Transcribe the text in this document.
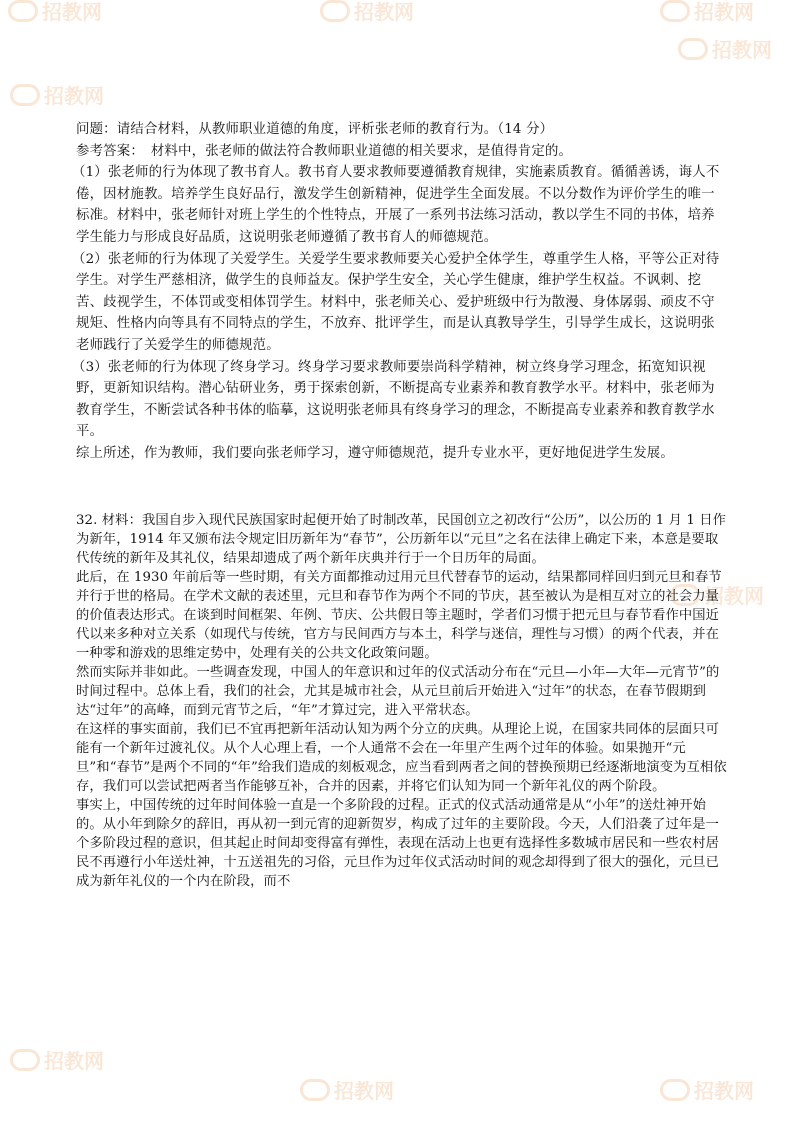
招教网	招教网	招教网
招教网
招教网
招教网
招教网
招教网	招教网

问题：请结合材料，从教师职业道德的角度，评析张老师的教育行为。（14 分）

参考答案：　材料中，张老师的做法符合教师职业道德的相关要求，是值得肯定的。

（1）张老师的行为体现了教书育人。教书育人要求教师要遵循教育规律，实施素质教育。循循善诱，诲人不倦，因材施教。培养学生良好品行，激发学生创新精神，促进学生全面发展。不以分数作为评价学生的唯一标准。材料中，张老师针对班上学生的个性特点，开展了一系列书法练习活动，教以学生不同的书体，培养学生能力与形成良好品质，这说明张老师遵循了教书育人的师德规范。

（2）张老师的行为体现了关爱学生。关爱学生要求教师要关心爱护全体学生，尊重学生人格，平等公正对待学生。对学生严慈相济，做学生的良师益友。保护学生安全，关心学生健康，维护学生权益。不讽刺、挖苦、歧视学生，不体罚或变相体罚学生。材料中，张老师关心、爱护班级中行为散漫、身体孱弱、顽皮不守规矩、性格内向等具有不同特点的学生，不放弃、批评学生，而是认真教导学生，引导学生成长，这说明张老师践行了关爱学生的师德规范。

（3）张老师的行为体现了终身学习。终身学习要求教师要崇尚科学精神，树立终身学习理念，拓宽知识视野，更新知识结构。潜心钻研业务，勇于探索创新，不断提高专业素养和教育教学水平。材料中，张老师为教育学生，不断尝试各种书体的临摹，这说明张老师具有终身学习的理念，不断提高专业素养和教育教学水平。

综上所述，作为教师，我们要向张老师学习，遵守师德规范，提升专业水平，更好地促进学生发展。

32. 材料：我国自步入现代民族国家时起便开始了时制改革，民国创立之初改行“公历”，以公历的 1 月 1 日作为新年，1914 年又颁布法令规定旧历新年为“春节”，公历新年以“元旦”之名在法律上确定下来，本意是要取代传统的新年及其礼仪，结果却遗成了两个新年庆典并行于一个日历年的局面。

此后，在 1930 年前后等一些时期，有关方面都推动过用元旦代替春节的运动，结果都同样回归到元旦和春节并行于世的格局。在学术文献的表述里，元旦和春节作为两个不同的节庆，甚至被认为是相互对立的社会力量的价值表达形式。在谈到时间框架、年例、节庆、公共假日等主题时，学者们习惯于把元旦与春节看作中国近代以来多种对立关系（如现代与传统，官方与民间西方与本土，科学与迷信，理性与习惯）的两个代表，并在一种零和游戏的思维定势中，处理有关的公共文化政策问题。

然而实际并非如此。一些调查发现，中国人的年意识和过年的仪式活动分布在“元旦—小年—大年—元宵节”的时间过程中。总体上看，我们的社会，尤其是城市社会，从元旦前后开始进入“过年”的状态，在春节假期到达“过年”的高峰，而到元宵节之后，“年”才算过完，进入平常状态。

在这样的事实面前，我们已不宜再把新年活动认知为两个分立的庆典。从理论上说，在国家共同体的层面只可能有一个新年过渡礼仪。从个人心理上看，一个人通常不会在一年里产生两个过年的体验。如果抛开“元旦”和“春节”是两个不同的“年”给我们造成的刻板观念，应当看到两者之间的替换预期已经逐渐地演变为互相依存，我们可以尝试把两者当作能够互补，合并的因素，并将它们认知为同一个新年礼仪的两个阶段。

事实上，中国传统的过年时间体验一直是一个多阶段的过程。正式的仪式活动通常是从“小年”的送灶神开始的。从小年到除夕的辞旧，再从初一到元宵的迎新贺岁，构成了过年的主要阶段。今天，人们沿袭了过年是一个多阶段过程的意识，但其起止时间却变得富有弹性，表现在活动上也更有选择性多数城市居民和一些农村居民不再遵行小年送灶神，十五送祖先的习俗，元旦作为过年仪式活动时间的观念却得到了很大的强化，元旦已成为新年礼仪的一个内在阶段，而不
